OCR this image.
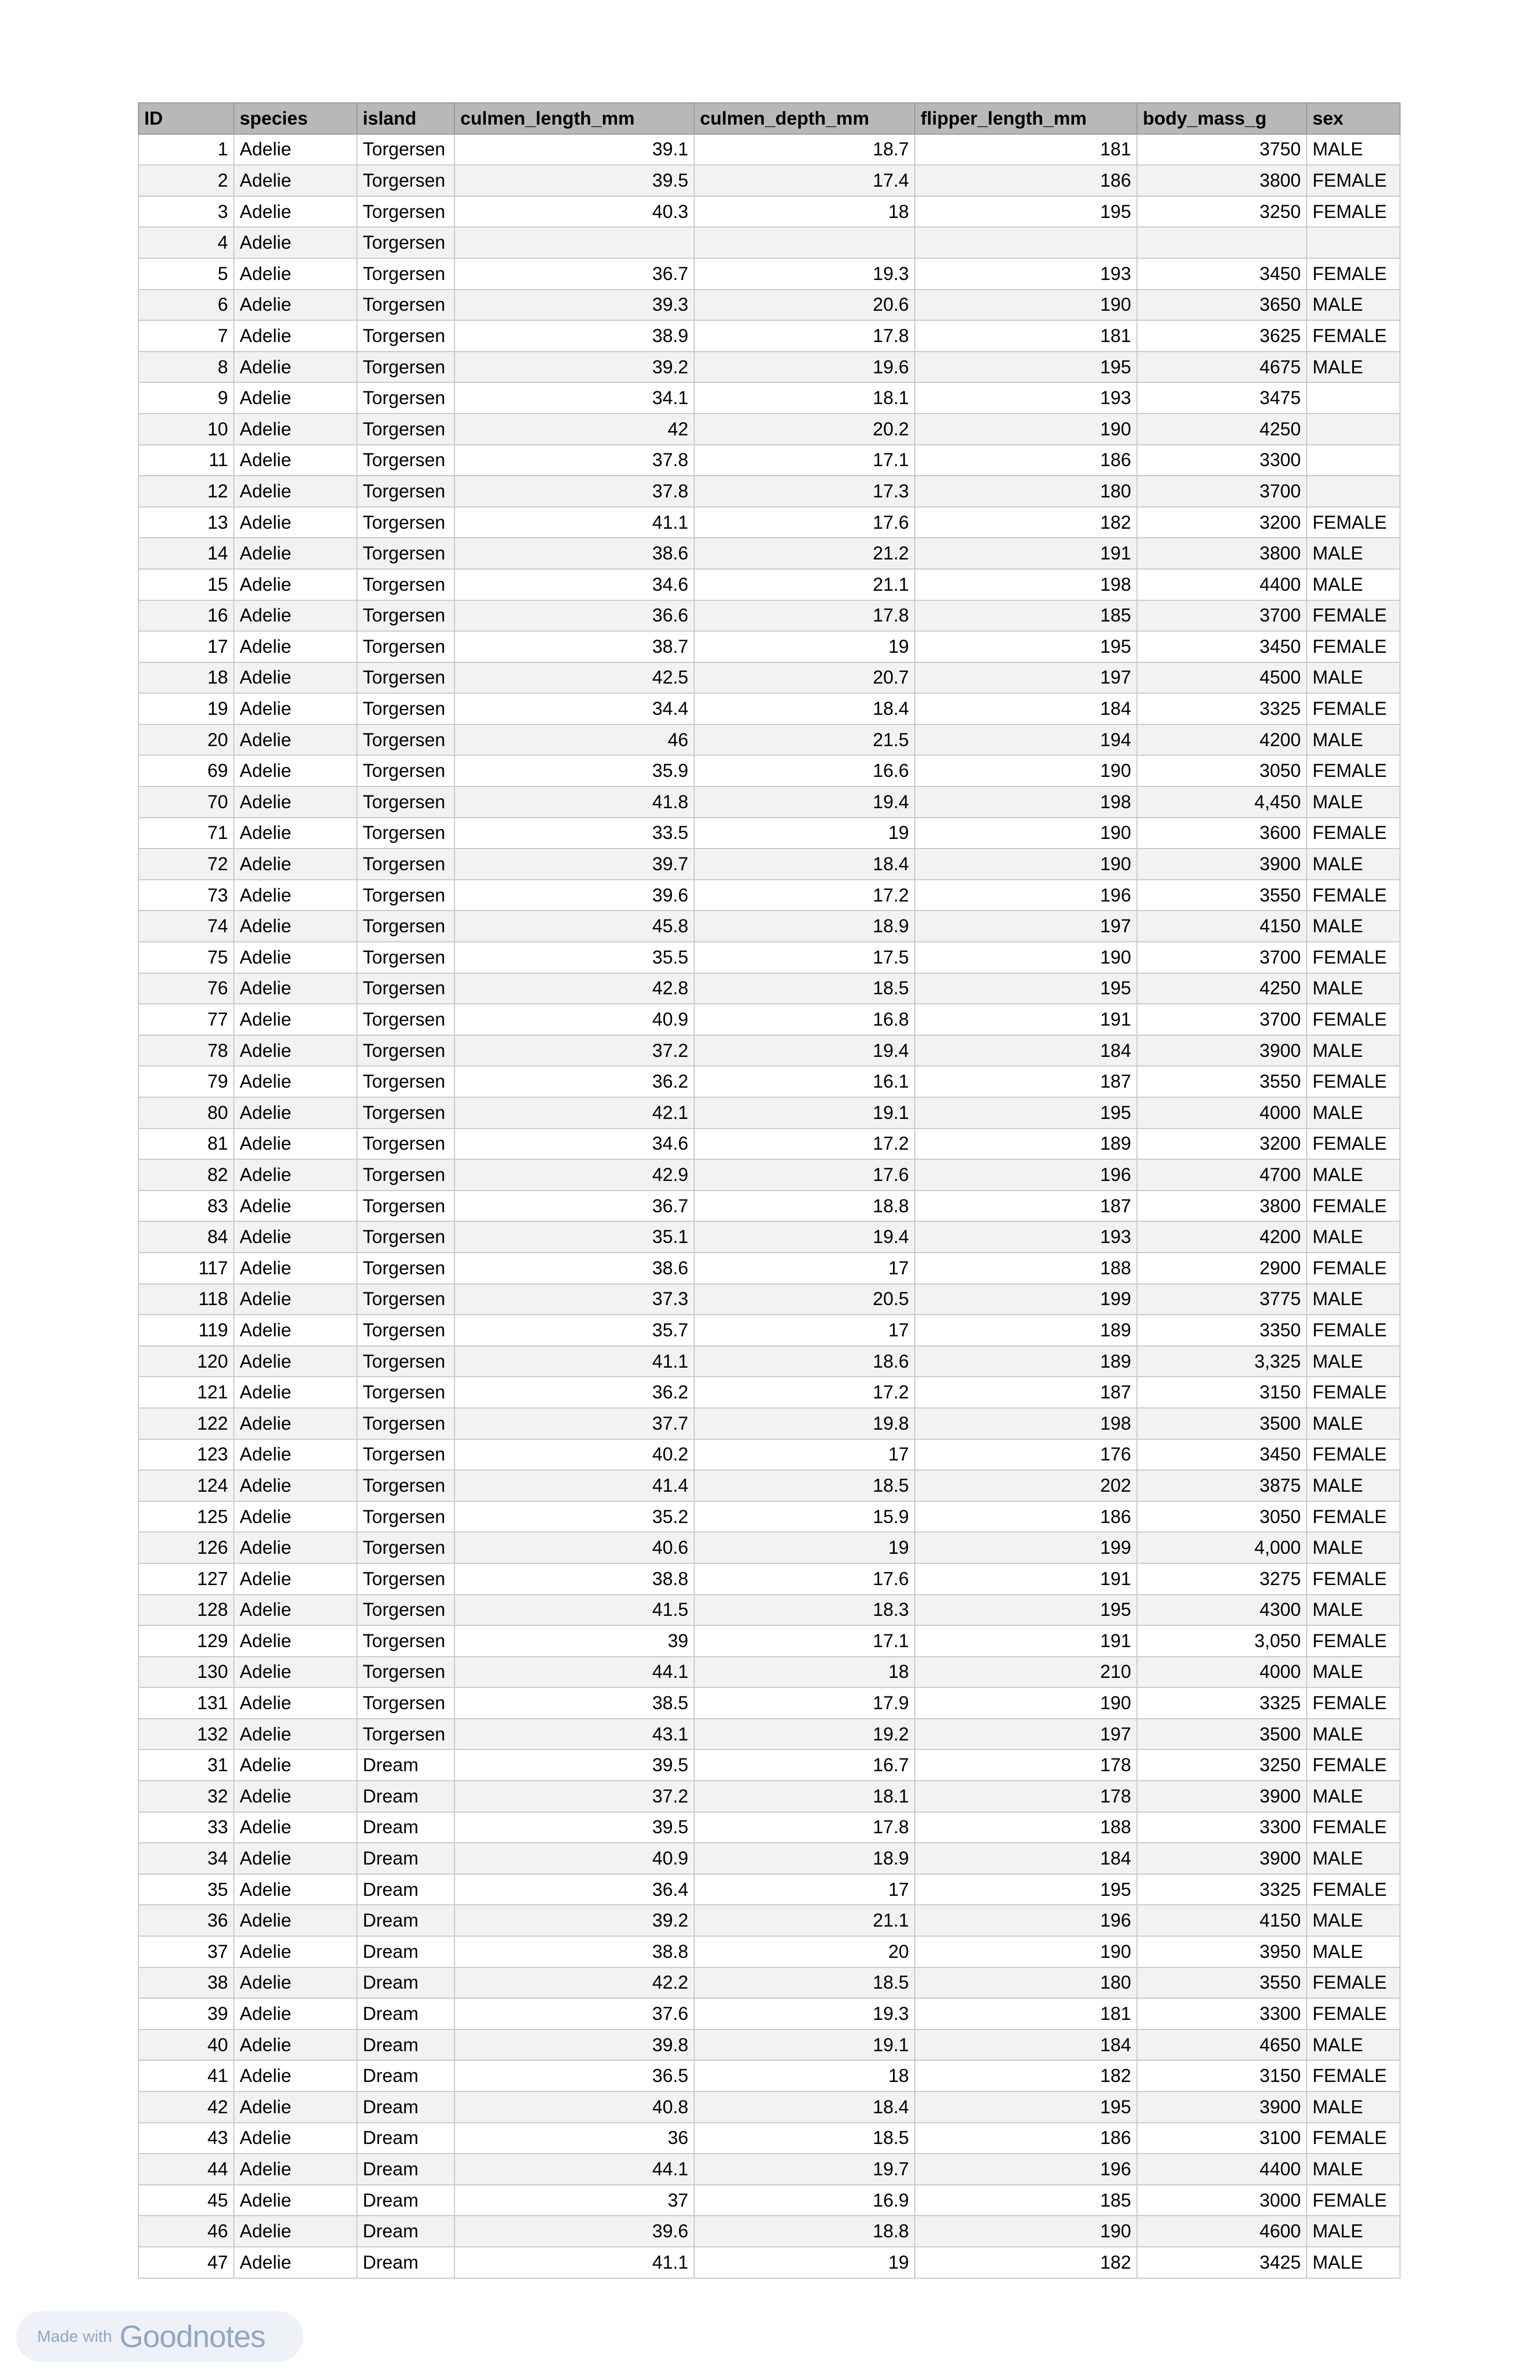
ID	species	island	culmen_length_mm	culmen_depth_mm	flipper_length_mm	body_mass_g	sex
1	Adelie	Torgersen	39.1	18.7	181	3750	MALE
2	Adelie	Torgersen	39.5	17.4	186	3800	FEMALE
3	Adelie	Torgersen	40.3	18	195	3250	FEMALE
4	Adelie	Torgersen					
5	Adelie	Torgersen	36.7	19.3	193	3450	FEMALE
6	Adelie	Torgersen	39.3	20.6	190	3650	MALE
7	Adelie	Torgersen	38.9	17.8	181	3625	FEMALE
8	Adelie	Torgersen	39.2	19.6	195	4675	MALE
9	Adelie	Torgersen	34.1	18.1	193	3475	
10	Adelie	Torgersen	42	20.2	190	4250	
11	Adelie	Torgersen	37.8	17.1	186	3300	
12	Adelie	Torgersen	37.8	17.3	180	3700	
13	Adelie	Torgersen	41.1	17.6	182	3200	FEMALE
14	Adelie	Torgersen	38.6	21.2	191	3800	MALE
15	Adelie	Torgersen	34.6	21.1	198	4400	MALE
16	Adelie	Torgersen	36.6	17.8	185	3700	FEMALE
17	Adelie	Torgersen	38.7	19	195	3450	FEMALE
18	Adelie	Torgersen	42.5	20.7	197	4500	MALE
19	Adelie	Torgersen	34.4	18.4	184	3325	FEMALE
20	Adelie	Torgersen	46	21.5	194	4200	MALE
69	Adelie	Torgersen	35.9	16.6	190	3050	FEMALE
70	Adelie	Torgersen	41.8	19.4	198	4,450	MALE
71	Adelie	Torgersen	33.5	19	190	3600	FEMALE
72	Adelie	Torgersen	39.7	18.4	190	3900	MALE
73	Adelie	Torgersen	39.6	17.2	196	3550	FEMALE
74	Adelie	Torgersen	45.8	18.9	197	4150	MALE
75	Adelie	Torgersen	35.5	17.5	190	3700	FEMALE
76	Adelie	Torgersen	42.8	18.5	195	4250	MALE
77	Adelie	Torgersen	40.9	16.8	191	3700	FEMALE
78	Adelie	Torgersen	37.2	19.4	184	3900	MALE
79	Adelie	Torgersen	36.2	16.1	187	3550	FEMALE
80	Adelie	Torgersen	42.1	19.1	195	4000	MALE
81	Adelie	Torgersen	34.6	17.2	189	3200	FEMALE
82	Adelie	Torgersen	42.9	17.6	196	4700	MALE
83	Adelie	Torgersen	36.7	18.8	187	3800	FEMALE
84	Adelie	Torgersen	35.1	19.4	193	4200	MALE
117	Adelie	Torgersen	38.6	17	188	2900	FEMALE
118	Adelie	Torgersen	37.3	20.5	199	3775	MALE
119	Adelie	Torgersen	35.7	17	189	3350	FEMALE
120	Adelie	Torgersen	41.1	18.6	189	3,325	MALE
121	Adelie	Torgersen	36.2	17.2	187	3150	FEMALE
122	Adelie	Torgersen	37.7	19.8	198	3500	MALE
123	Adelie	Torgersen	40.2	17	176	3450	FEMALE
124	Adelie	Torgersen	41.4	18.5	202	3875	MALE
125	Adelie	Torgersen	35.2	15.9	186	3050	FEMALE
126	Adelie	Torgersen	40.6	19	199	4,000	MALE
127	Adelie	Torgersen	38.8	17.6	191	3275	FEMALE
128	Adelie	Torgersen	41.5	18.3	195	4300	MALE
129	Adelie	Torgersen	39	17.1	191	3,050	FEMALE
130	Adelie	Torgersen	44.1	18	210	4000	MALE
131	Adelie	Torgersen	38.5	17.9	190	3325	FEMALE
132	Adelie	Torgersen	43.1	19.2	197	3500	MALE
31	Adelie	Dream	39.5	16.7	178	3250	FEMALE
32	Adelie	Dream	37.2	18.1	178	3900	MALE
33	Adelie	Dream	39.5	17.8	188	3300	FEMALE
34	Adelie	Dream	40.9	18.9	184	3900	MALE
35	Adelie	Dream	36.4	17	195	3325	FEMALE
36	Adelie	Dream	39.2	21.1	196	4150	MALE
37	Adelie	Dream	38.8	20	190	3950	MALE
38	Adelie	Dream	42.2	18.5	180	3550	FEMALE
39	Adelie	Dream	37.6	19.3	181	3300	FEMALE
40	Adelie	Dream	39.8	19.1	184	4650	MALE
41	Adelie	Dream	36.5	18	182	3150	FEMALE
42	Adelie	Dream	40.8	18.4	195	3900	MALE
43	Adelie	Dream	36	18.5	186	3100	FEMALE
44	Adelie	Dream	44.1	19.7	196	4400	MALE
45	Adelie	Dream	37	16.9	185	3000	FEMALE
46	Adelie	Dream	39.6	18.8	190	4600	MALE
47	Adelie	Dream	41.1	19	182	3425	MALE
Made with Goodnotes
